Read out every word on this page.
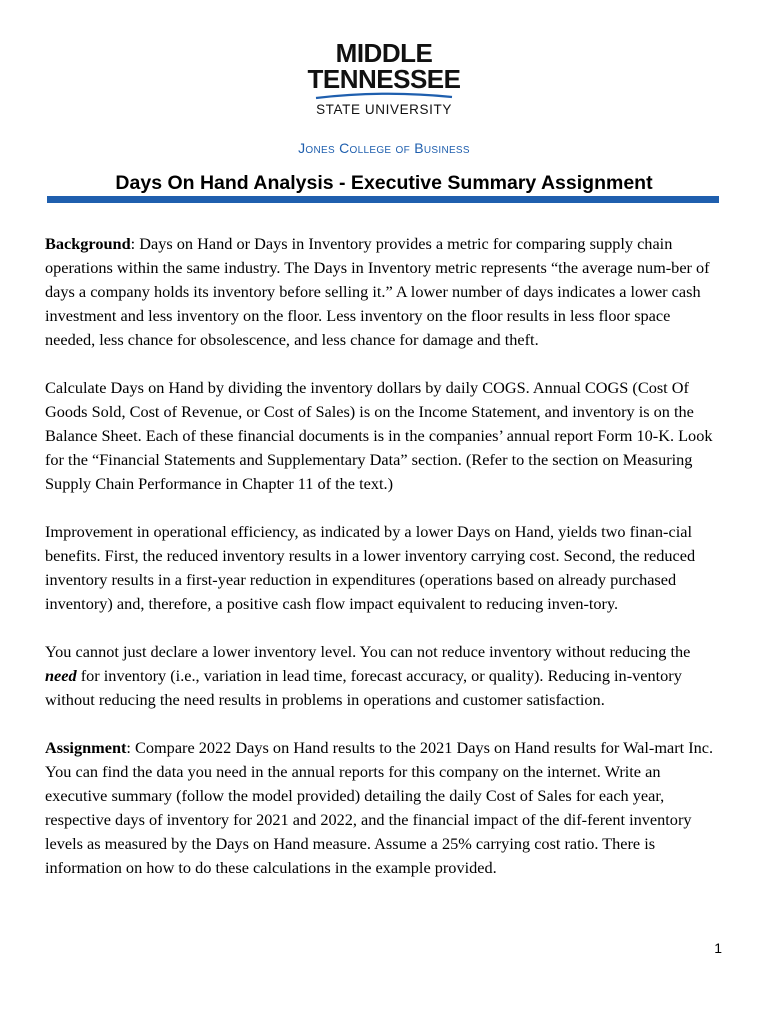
MIDDLE
TENNESSEE
STATE UNIVERSITY
Jones College of Business
Days On Hand Analysis - Executive Summary Assignment

Background: Days on Hand or Days in Inventory provides a metric for comparing supply chain operations within the same industry. The Days in Inventory metric represents “the average num-ber of days a company holds its inventory before selling it.” A lower number of days indicates a lower cash investment and less inventory on the floor. Less inventory on the floor results in less floor space needed, less chance for obsolescence, and less chance for damage and theft.

Calculate Days on Hand by dividing the inventory dollars by daily COGS. Annual COGS (Cost Of Goods Sold, Cost of Revenue, or Cost of Sales) is on the Income Statement, and inventory is on the Balance Sheet. Each of these financial documents is in the companies’ annual report Form 10-K. Look for the “Financial Statements and Supplementary Data” section. (Refer to the section on Measuring Supply Chain Performance in Chapter 11 of the text.)

Improvement in operational efficiency, as indicated by a lower Days on Hand, yields two finan-cial benefits. First, the reduced inventory results in a lower inventory carrying cost. Second, the reduced inventory results in a first-year reduction in expenditures (operations based on already purchased inventory) and, therefore, a positive cash flow impact equivalent to reducing inven-tory.

You cannot just declare a lower inventory level. You can not reduce inventory without reducing the need for inventory (i.e., variation in lead time, forecast accuracy, or quality). Reducing in-ventory without reducing the need results in problems in operations and customer satisfaction.

Assignment: Compare 2022 Days on Hand results to the 2021 Days on Hand results for Wal-mart Inc. You can find the data you need in the annual reports for this company on the internet. Write an executive summary (follow the model provided) detailing the daily Cost of Sales for each year, respective days of inventory for 2021 and 2022, and the financial impact of the dif-ferent inventory levels as measured by the Days on Hand measure. Assume a 25% carrying cost ratio. There is information on how to do these calculations in the example provided.

1
